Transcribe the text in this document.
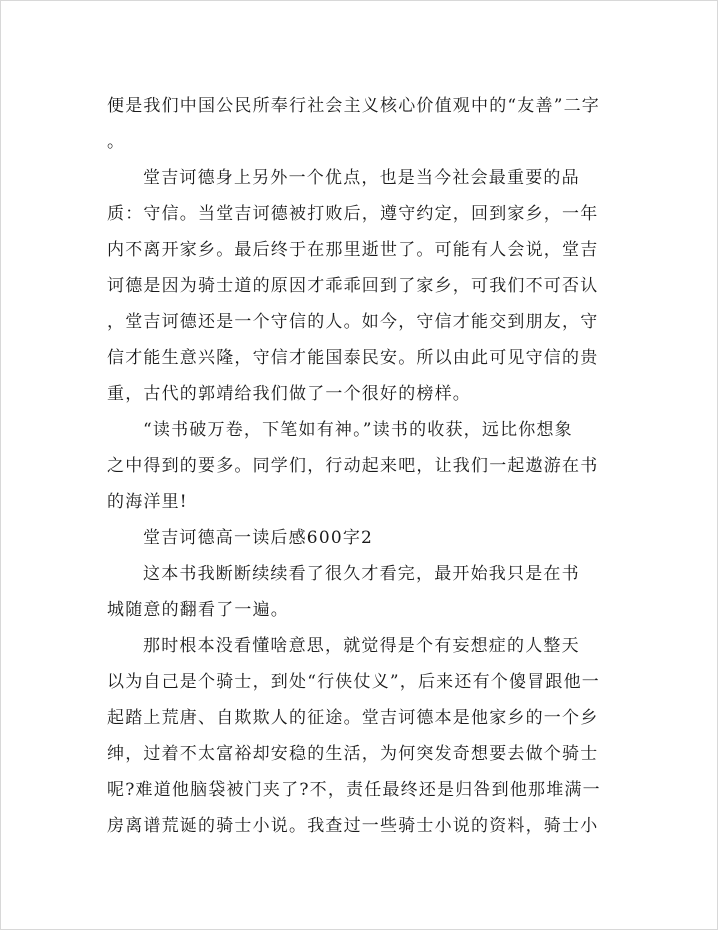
便是我们中国公民所奉行社会主义核心价值观中的“友善”二字
。
堂吉诃德身上另外一个优点，也是当今社会最重要的品
质：守信。当堂吉诃德被打败后，遵守约定，回到家乡，一年
内不离开家乡。最后终于在那里逝世了。可能有人会说，堂吉
诃德是因为骑士道的原因才乖乖回到了家乡，可我们不可否认
，堂吉诃德还是一个守信的人。如今，守信才能交到朋友，守
信才能生意兴隆，守信才能国泰民安。所以由此可见守信的贵
重，古代的郭靖给我们做了一个很好的榜样。
“读书破万卷，下笔如有神。”读书的收获，远比你想象
之中得到的要多。同学们，行动起来吧，让我们一起遨游在书
的海洋里!
堂吉诃德高一读后感600字2
这本书我断断续续看了很久才看完，最开始我只是在书
城随意的翻看了一遍。
那时根本没看懂啥意思，就觉得是个有妄想症的人整天
以为自己是个骑士，到处“行侠仗义”，后来还有个傻冒跟他一
起踏上荒唐、自欺欺人的征途。堂吉诃德本是他家乡的一个乡
绅，过着不太富裕却安稳的生活，为何突发奇想要去做个骑士
呢?难道他脑袋被门夹了?不，责任最终还是归咎到他那堆满一
房离谱荒诞的骑士小说。我查过一些骑士小说的资料，骑士小
